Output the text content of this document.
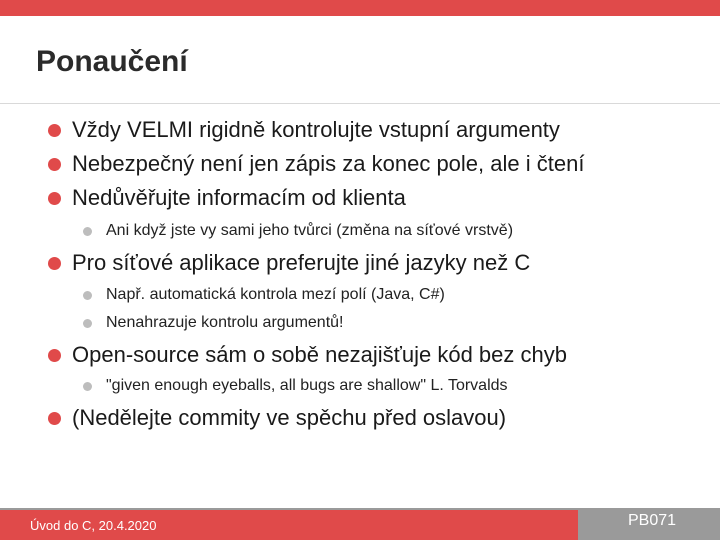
Ponaučení
Vždy VELMI rigidně kontrolujte vstupní argumenty
Nebezpečný není jen zápis za konec pole, ale i čtení
Nedůvěřujte informacím od klienta
Ani když jste vy sami jeho tvůrci (změna na síťové vrstvě)
Pro síťové aplikace preferujte jiné jazyky než C
Např. automatická kontrola mezí polí (Java, C#)
Nenahrazuje kontrolu argumentů!
Open-source sám o sobě nezajišťuje kód bez chyb
"given enough eyeballs, all bugs are shallow" L. Torvalds
(Nedělejte commity ve spěchu před oslavou)
Úvod do C, 20.4.2020	PB071
